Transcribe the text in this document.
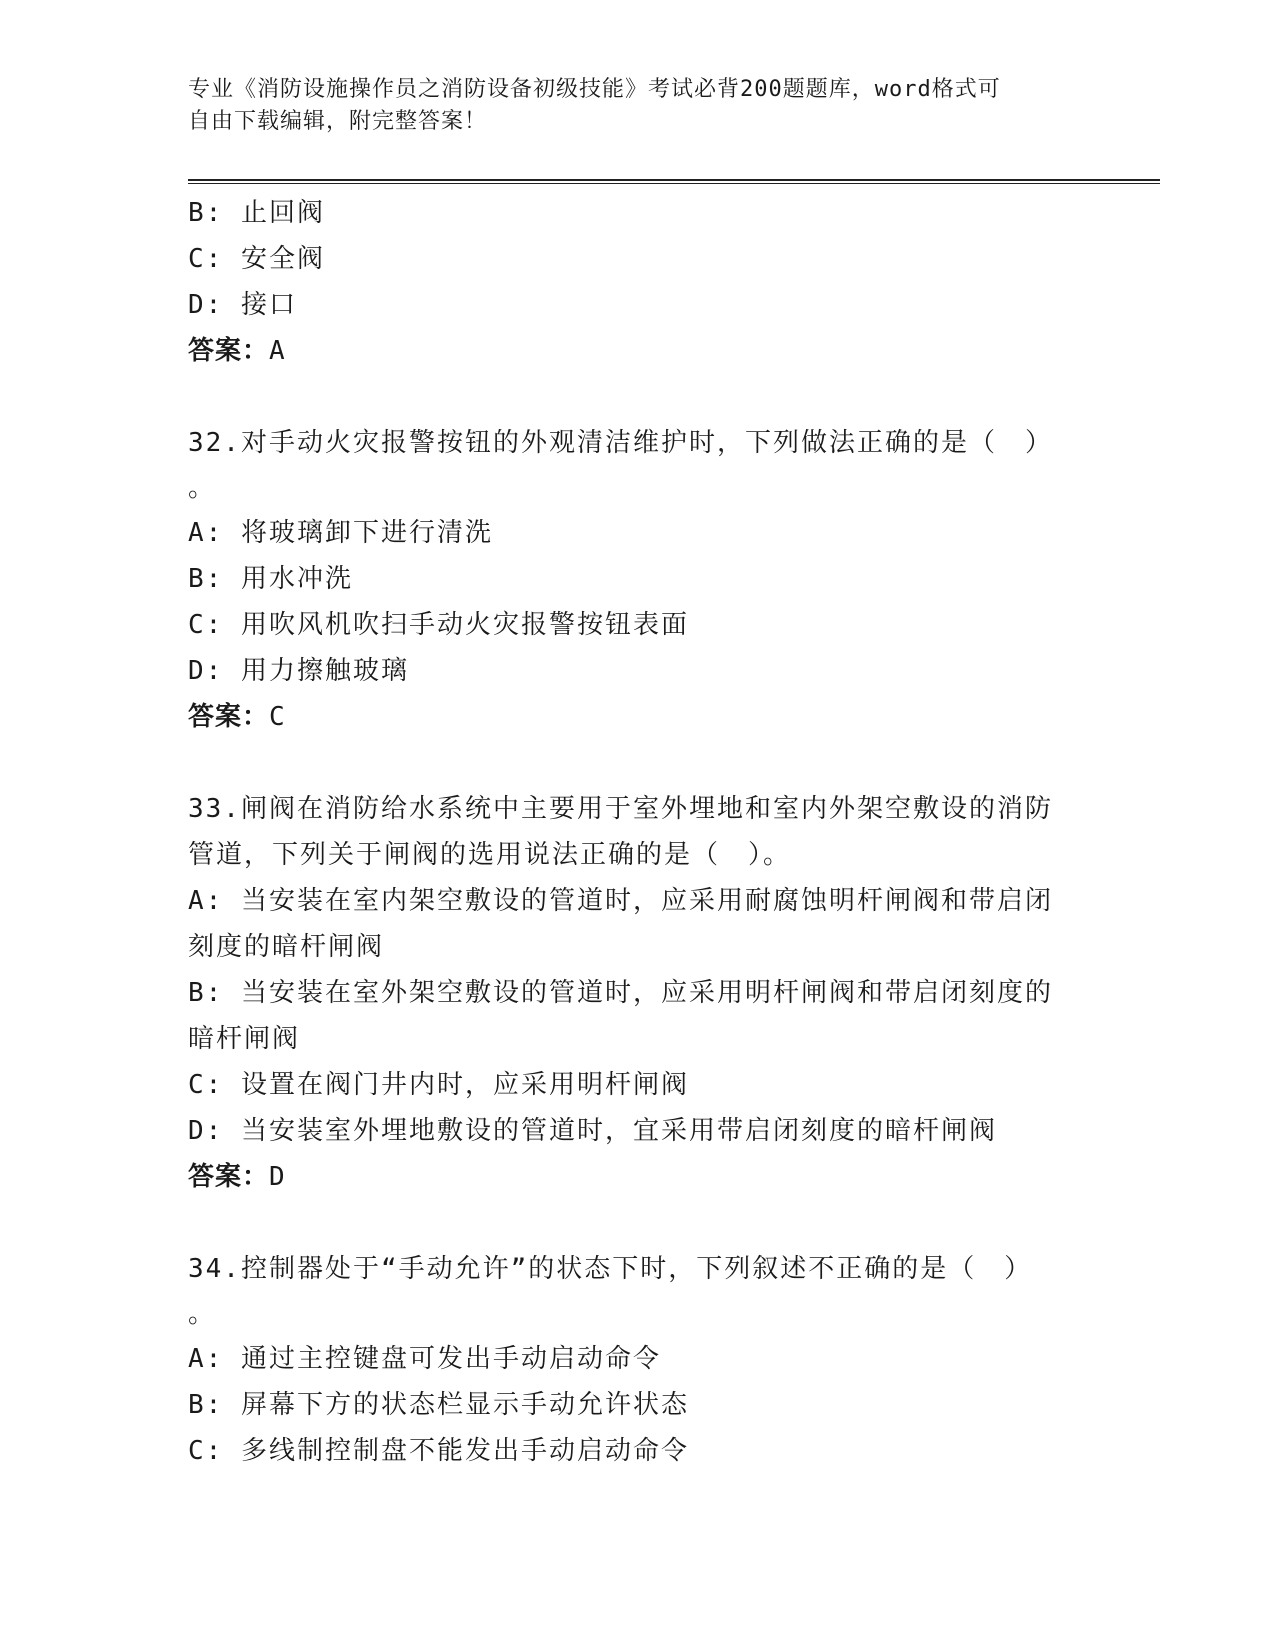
专业《消防设施操作员之消防设备初级技能》考试必背200题题库，word格式可
自由下载编辑，附完整答案！
B: 止回阀
C: 安全阀
D: 接口
答案：A
32.对手动火灾报警按钮的外观清洁维护时，下列做法正确的是（　）
。
A: 将玻璃卸下进行清洗
B: 用水冲洗
C: 用吹风机吹扫手动火灾报警按钮表面
D: 用力擦触玻璃
答案：C
33.闸阀在消防给水系统中主要用于室外埋地和室内外架空敷设的消防
管道，下列关于闸阀的选用说法正确的是（　）。
A: 当安装在室内架空敷设的管道时，应采用耐腐蚀明杆闸阀和带启闭
刻度的暗杆闸阀
B: 当安装在室外架空敷设的管道时，应采用明杆闸阀和带启闭刻度的
暗杆闸阀
C: 设置在阀门井内时，应采用明杆闸阀
D: 当安装室外埋地敷设的管道时，宜采用带启闭刻度的暗杆闸阀
答案：D
34.控制器处于“手动允许”的状态下时，下列叙述不正确的是（　）
。
A: 通过主控键盘可发出手动启动命令
B: 屏幕下方的状态栏显示手动允许状态
C: 多线制控制盘不能发出手动启动命令
